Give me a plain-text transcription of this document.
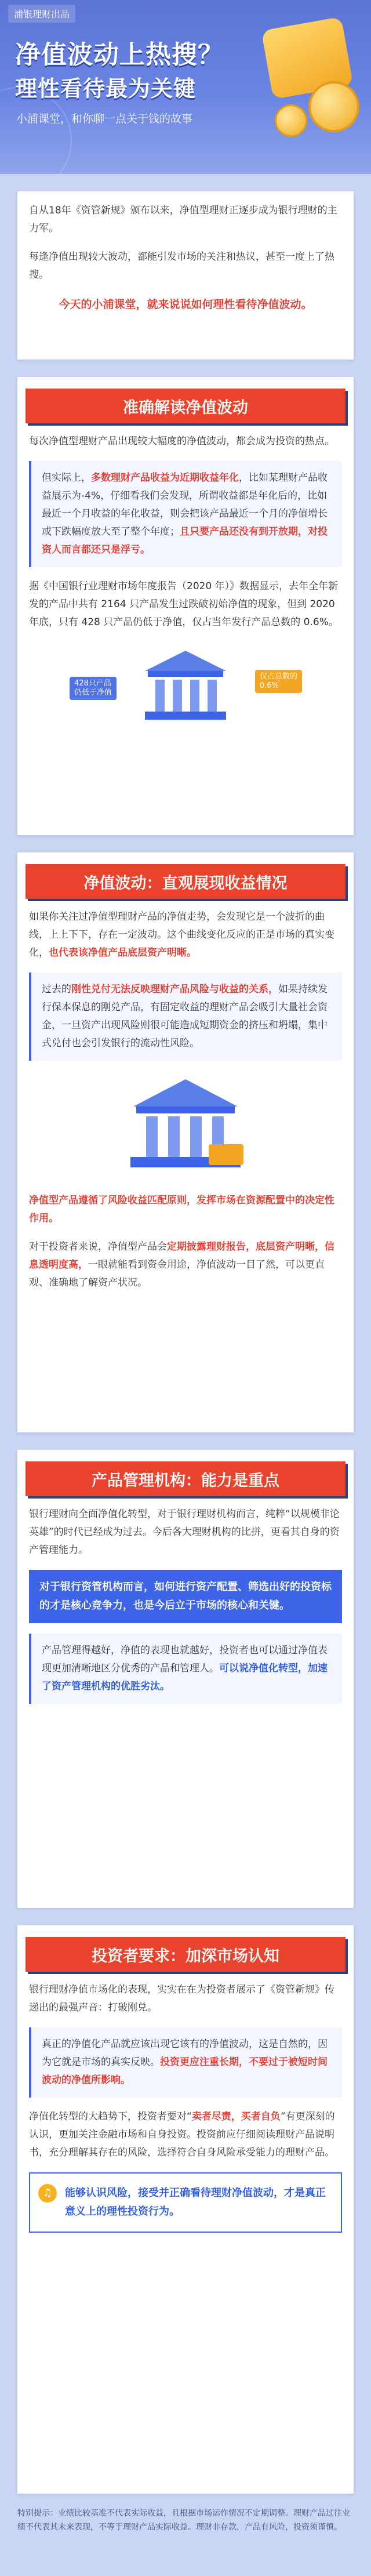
浦银理财出品
净值波动上热搜？
理性看待最为关键
小浦课堂，和你聊一点关于钱的故事

自从18年《资管新规》颁布以来，净值型理财正逐步成为银行理财的主力军。

每逢净值出现较大波动，都能引发市场的关注和热议，甚至一度上了热搜。

今天的小浦课堂，就来说说如何理性看待净值波动。
准确解读净值波动

每次净值型理财产品出现较大幅度的净值波动，都会成为投资的热点。

但实际上，多数理财产品收益为近期收益年化，比如某理财产品收益展示为-4%，仔细看我们会发现，所谓收益都是年化后的，比如最近一个月收益的年化收益，则会把该产品最近一个月的净值增长或下跌幅度放大至了整个年度；且只要产品还没有到开放期，对投资人而言都还只是浮亏。

据《中国银行业理财市场年度报告（2020 年）》数据显示，去年全年新发的产品中共有 2164 只产品发生过跌破初始净值的现象，但到 2020 年底，只有 428 只产品仍低于净值，仅占当年发行产品总数的 0.6%。

428只产品
仍低于净值
仅占总数的
0.6%
净值波动：直观展现收益情况

如果你关注过净值型理财产品的净值走势，会发现它是一个波折的曲线，上上下下，存在一定波动。这个曲线变化反应的正是市场的真实变化，也代表该净值产品底层资产明晰。

过去的刚性兑付无法反映理财产品风险与收益的关系，如果持续发行保本保息的刚兑产品，有固定收益的理财产品会吸引大量社会资金，一旦资产出现风险则很可能造成短期资金的挤压和坍塌，集中式兑付也会引发银行的流动性风险。

净值型产品遵循了风险收益匹配原则，发挥市场在资源配置中的决定性作用。

对于投资者来说，净值型产品会定期披露理财报告，底层资产明晰，信息透明度高，一眼就能看到资金用途，净值波动一目了然，可以更直观、准确地了解资产状况。

产品管理机构：能力是重点

银行理财向全面净值化转型，对于银行理财机构而言，纯粹“以规模非论英雄”的时代已经成为过去。今后各大理财机构的比拼，更看其自身的资产管理能力。

对于银行资管机构而言，如何进行资产配置、筛选出好的投资标的才是核心竞争力，也是今后立于市场的核心和关键。

产品管理得越好，净值的表现也就越好，投资者也可以通过净值表现更加清晰地区分优秀的产品和管理人。可以说净值化转型，加速了资产管理机构的优胜劣汰。

投资者要求：加深市场认知

银行理财净值市场化的表现，实实在在为投资者展示了《资管新规》传递出的最强声音：打破刚兑。

真正的净值化产品就应该出现它该有的净值波动，这是自然的，因为它就是市场的真实反映。投资更应注重长期，不要过于被短时间波动的净值所影响。

净值化转型的大趋势下，投资者要对“卖者尽责，买者自负”有更深刻的认识，更加关注金融市场和自身投资。投资前应仔细阅读理财产品说明书，充分理解其存在的风险，选择符合自身风险承受能力的理财产品。

♫	能够认识风险，接受并正确看待理财净值波动，才是真正意义上的理性投资行为。
特别提示：业绩比较基准不代表实际收益，且根据市场运作情况不定期调整。理财产品过往业绩不代表其未来表现，不等于理财产品实际收益。理财非存款，产品有风险，投资须谨慎。
